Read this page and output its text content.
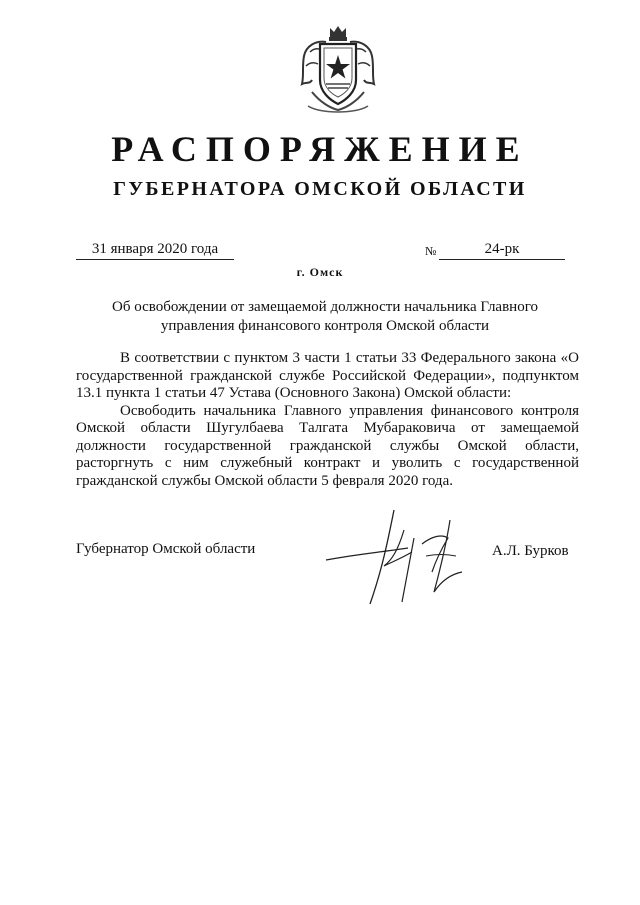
РАСПОРЯЖЕНИЕ
ГУБЕРНАТОРА ОМСКОЙ ОБЛАСТИ
31 января 2020 года	№	24-рк
г. Омск
Об освобождении от замещаемой должности начальника Главного управления финансового контроля Омской области

В соответствии с пунктом 3 части 1 статьи 33 Федерального закона «О государственной гражданской службе Российской Федерации», подпунктом 13.1 пункта 1 статьи 47 Устава (Основного Закона) Омской области:

Освободить начальника Главного управления финансового контроля Омской области Шугулбаева Талгата Мубараковича от замещаемой должности государственной гражданской службы Омской области, расторгнуть с ним служебный контракт и уволить с государственной гражданской службы Омской области 5 февраля 2020 года.

Губернатор Омской области	А.Л. Бурков
